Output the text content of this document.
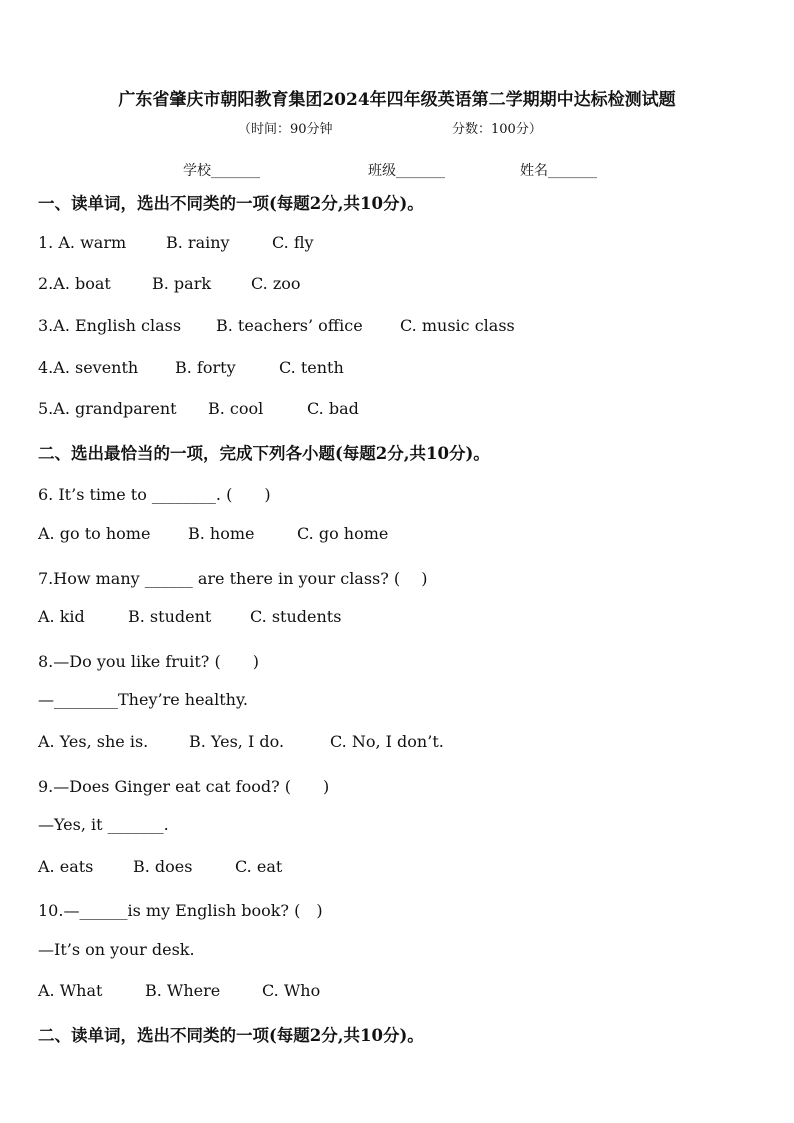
广东省肇庆市朝阳教育集团2024年四年级英语第二学期期中达标检测试题
（时间：90分钟	分数：100分）
学校_______	班级_______	姓名_______
一、读单词，选出不同类的一项(每题2分,共10分)。
1. A. warm B. rainy	C. fly
2.A. boat	B. park C. zoo
3.A. English class B. teachers’ office C. music class
4.A. seventh B. forty	C. tenth
5.A. grandparent B. cool	C. bad
二、选出最恰当的一项，完成下列各小题(每题2分,共10分)。
6. It’s time to ________. (　　)
A. go to home B. home	C. go home
7.How many ______ are there in your class? (　 )
A. kid	B. student C. students
8.—Do you like fruit? (　　)
—________They’re healthy.
A. Yes, she is.	B. Yes, I do.	C. No, I don’t.
9.—Does Ginger eat cat food? (　　)
—Yes, it _______.
A. eats B. does	C. eat
10.—______is my English book? (　)
—It’s on your desk.
A. What	B. Where	C. Who
二、读单词，选出不同类的一项(每题2分,共10分)。
